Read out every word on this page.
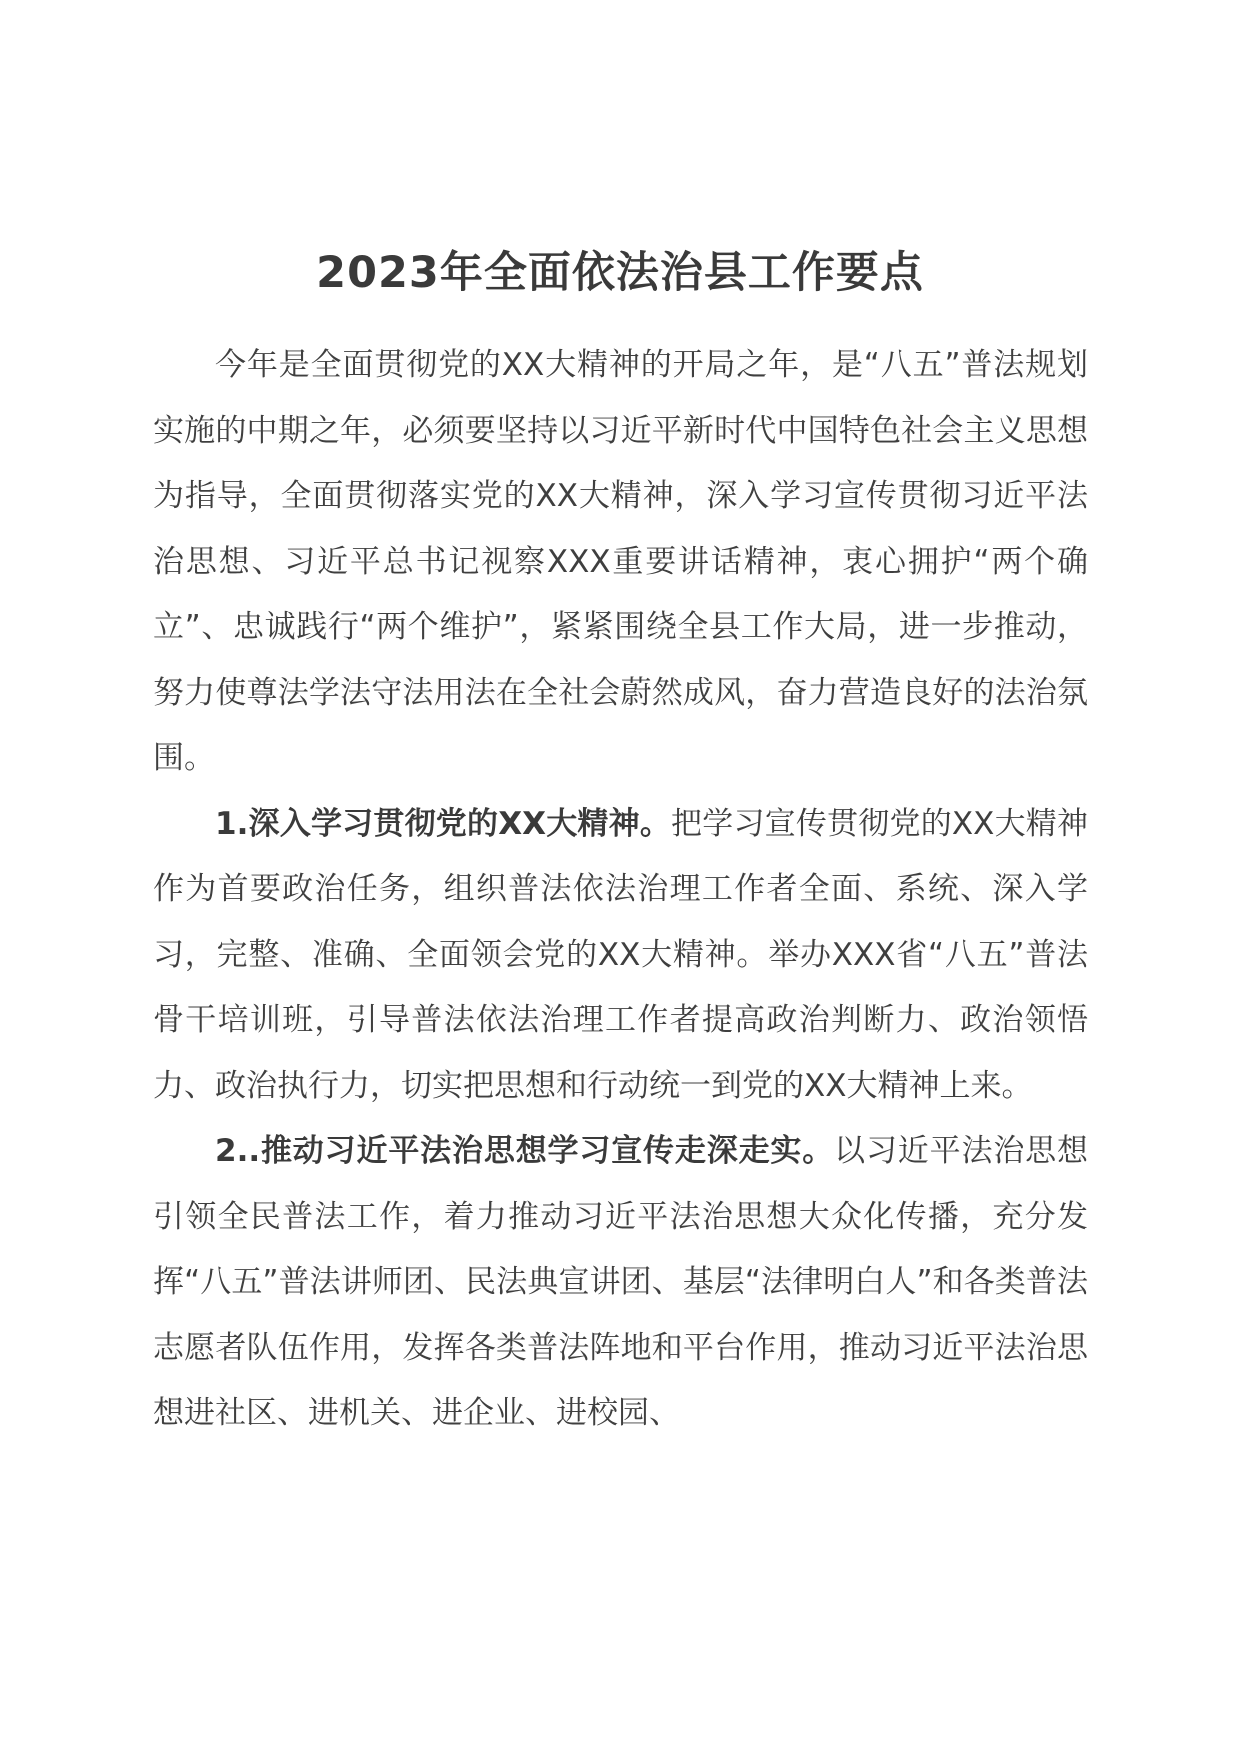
2023年全面依法治县工作要点

今年是全面贯彻党的XX大精神的开局之年，是“八五”普法规划实施的中期之年，必须要坚持以习近平新时代中国特色社会主义思想为指导，全面贯彻落实党的XX大精神，深入学习宣传贯彻习近平法治思想、习近平总书记视察XXX重要讲话精神，衷心拥护“两个确立”、忠诚践行“两个维护”，紧紧围绕全县工作大局，进一步推动，努力使尊法学法守法用法在全社会蔚然成风，奋力营造良好的法治氛围。

1.深入学习贯彻党的XX大精神。把学习宣传贯彻党的XX大精神作为首要政治任务，组织普法依法治理工作者全面、系统、深入学习，完整、准确、全面领会党的XX大精神。举办XXX省“八五”普法骨干培训班，引导普法依法治理工作者提高政治判断力、政治领悟力、政治执行力，切实把思想和行动统一到党的XX大精神上来。

2..推动习近平法治思想学习宣传走深走实。以习近平法治思想引领全民普法工作，着力推动习近平法治思想大众化传播，充分发挥“八五”普法讲师团、民法典宣讲团、基层“法律明白人”和各类普法志愿者队伍作用，发挥各类普法阵地和平台作用，推动习近平法治思想进社区、进机关、进企业、进校园、
